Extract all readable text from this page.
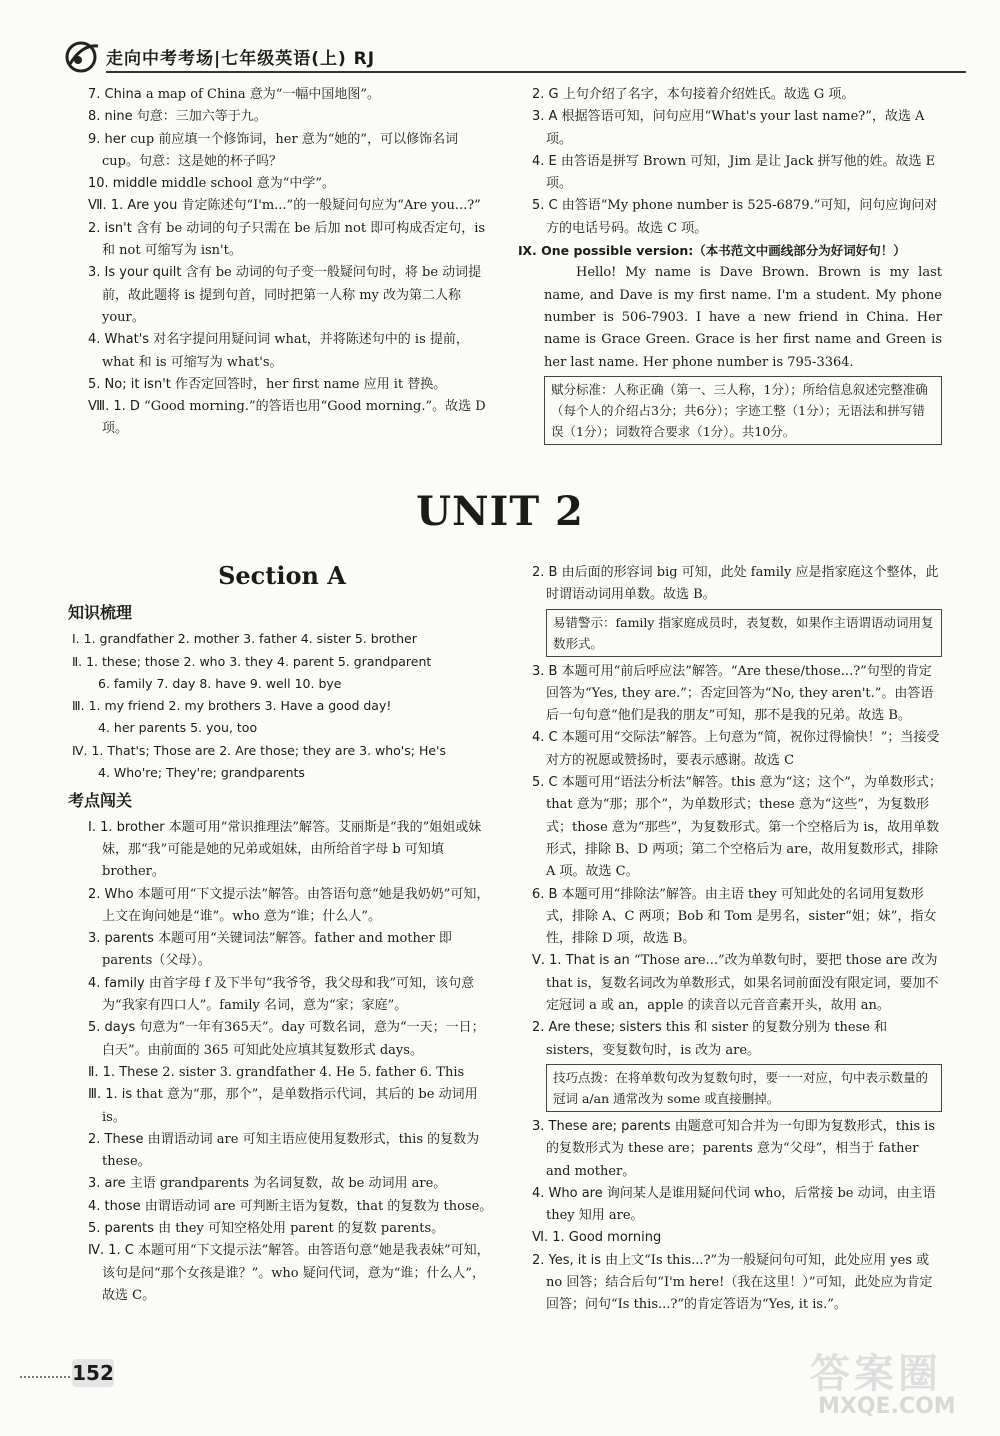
走向中考考场|七年级英语(上) RJ
7. China a map of China 意为“一幅中国地图”。
8. nine 句意：三加六等于九。
9. her cup 前应填一个修饰词，her 意为“她的”，可以修饰名词 cup。句意：这是她的杯子吗？
10. middle middle school 意为“中学”。
Ⅶ. 1. Are you 肯定陈述句“I'm...”的一般疑问句应为“Are you...?”
2. isn't 含有 be 动词的句子只需在 be 后加 not 即可构成否定句，is 和 not 可缩写为 isn't。
3. Is your quilt 含有 be 动词的句子变一般疑问句时，将 be 动词提前，故此题将 is 提到句首，同时把第一人称 my 改为第二人称 your。
4. What's 对名字提问用疑问词 what，并将陈述句中的 is 提前，what 和 is 可缩写为 what's。
5. No; it isn't 作否定回答时，her first name 应用 it 替换。
Ⅷ. 1. D “Good morning.”的答语也用“Good morning.”。故选 D 项。
2. G 上句介绍了名字，本句接着介绍姓氏。故选 G 项。
3. A 根据答语可知，问句应用“What's your last name?”，故选 A 项。
4. E 由答语是拼写 Brown 可知，Jim 是让 Jack 拼写他的姓。故选 E 项。
5. C 由答语“My phone number is 525-6879.”可知，问句应询问对方的电话号码。故选 C 项。
Ⅸ. One possible version:（本书范文中画线部分为好词好句！）
Hello! My name is Dave Brown. Brown is my last name, and Dave is my first name. I'm a student. My phone number is 506-7903. I have a new friend in China. Her name is Grace Green. Grace is her first name and Green is her last name. Her phone number is 795-3364.
赋分标准：人称正确（第一、三人称，1分）；所给信息叙述完整准确（每个人的介绍占3分；共6分）；字迹工整（1分）；无语法和拼写错误（1分）；词数符合要求（1分）。共10分。
UNIT 2
Section A
知识梳理
Ⅰ. 1. grandfather 2. mother 3. father 4. sister 5. brother
Ⅱ. 1. these; those 2. who 3. they 4. parent 5. grandparent
6. family 7. day 8. have 9. well 10. bye
Ⅲ. 1. my friend 2. my brothers 3. Have a good day!
4. her parents 5. you, too
Ⅳ. 1. That's; Those are 2. Are those; they are 3. who's; He's
4. Who're; They're; grandparents
考点闯关
Ⅰ. 1. brother 本题可用“常识推理法”解答。艾丽斯是“我的”姐姐或妹妹，那“我”可能是她的兄弟或姐妹，由所给首字母 b 可知填 brother。
2. Who 本题可用“下文提示法”解答。由答语句意“她是我奶奶”可知，上文在询问她是“谁”。who 意为“谁；什么人”。
3. parents 本题可用“关键词法”解答。father and mother 即 parents（父母）。
4. family 由首字母 f 及下半句“我爷爷，我父母和我”可知，该句意为“我家有四口人”。family 名词，意为“家；家庭”。
5. days 句意为“一年有365天”。day 可数名词，意为“一天；一日；白天”。由前面的 365 可知此处应填其复数形式 days。
Ⅱ. 1. These 2. sister 3. grandfather 4. He 5. father 6. This
Ⅲ. 1. is that 意为“那，那个”，是单数指示代词，其后的 be 动词用 is。
2. These 由谓语动词 are 可知主语应使用复数形式，this 的复数为 these。
3. are 主语 grandparents 为名词复数，故 be 动词用 are。
4. those 由谓语动词 are 可判断主语为复数，that 的复数为 those。
5. parents 由 they 可知空格处用 parent 的复数 parents。
Ⅳ. 1. C 本题可用“下文提示法”解答。由答语句意“她是我表妹”可知，该句是问“那个女孩是谁？”。who 疑问代词，意为“谁；什么人”，故选 C。
2. B 由后面的形容词 big 可知，此处 family 应是指家庭这个整体，此时谓语动词用单数。故选 B。
易错警示：family 指家庭成员时，表复数，如果作主语谓语动词用复数形式。
3. B 本题可用“前后呼应法”解答。“Are these/those...?”句型的肯定回答为“Yes, they are.”；否定回答为“No, they aren't.”。由答语后一句句意“他们是我的朋友”可知，那不是我的兄弟。故选 B。
4. C 本题可用“交际法”解答。上句意为“简，祝你过得愉快！”；当接受对方的祝愿或赞扬时，要表示感谢。故选 C
5. C 本题可用“语法分析法”解答。this 意为“这；这个”，为单数形式；that 意为“那；那个”，为单数形式；these 意为“这些”，为复数形式；those 意为“那些”，为复数形式。第一个空格后为 is，故用单数形式，排除 B、D 两项；第二个空格后为 are，故用复数形式，排除 A 项。故选 C。
6. B 本题可用“排除法”解答。由主语 they 可知此处的名词用复数形式，排除 A、C 两项；Bob 和 Tom 是男名，sister“姐；妹”，指女性，排除 D 项，故选 B。
Ⅴ. 1. That is an “Those are...”改为单数句时，要把 those are 改为 that is，复数名词改为单数形式，如果名词前面没有限定词，要加不定冠词 a 或 an，apple 的读音以元音音素开头，故用 an。
2. Are these; sisters this 和 sister 的复数分别为 these 和 sisters，变复数句时，is 改为 are。
技巧点拨：在将单数句改为复数句时，要一一对应，句中表示数量的冠词 a/an 通常改为 some 或直接删掉。
3. These are; parents 由题意可知合并为一句即为复数形式，this is 的复数形式为 these are；parents 意为“父母”，相当于 father and mother。
4. Who are 询问某人是谁用疑问代词 who，后常接 be 动词，由主语 they 知用 are。
Ⅵ. 1. Good morning
2. Yes, it is 由上文“Is this...?”为一般疑问句可知，此处应用 yes 或 no 回答；结合后句“I'm here!（我在这里！）”可知，此处应为肯定回答；问句“Is this...?”的肯定答语为“Yes, it is.”。
152	答案圈
MXQE.COM
